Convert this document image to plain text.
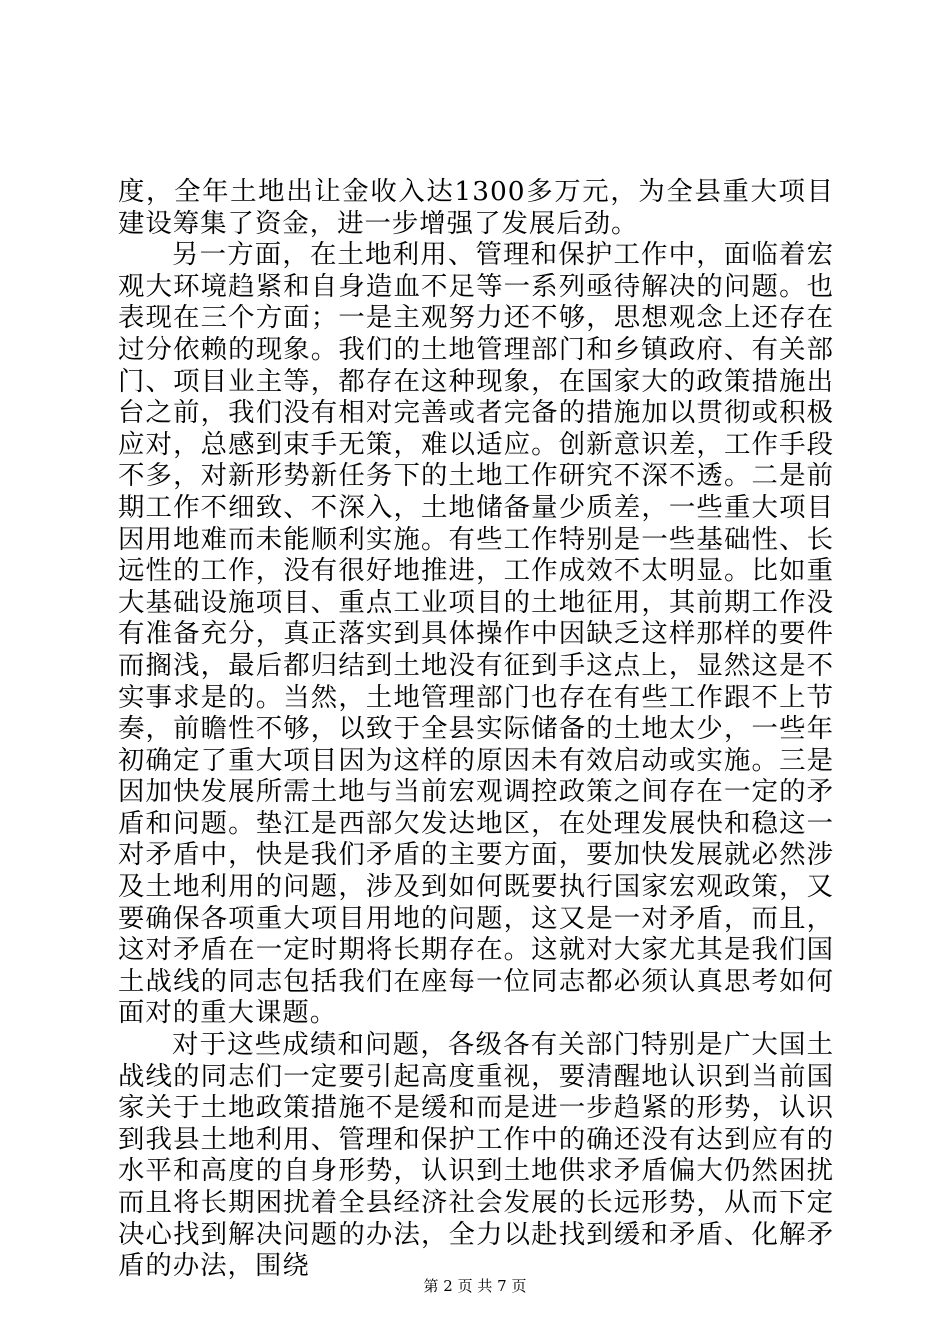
度，全年土地出让金收入达1300多万元，为全县重大项目建设筹集了资金，进一步增强了发展后劲。

另一方面，在土地利用、管理和保护工作中，面临着宏观大环境趋紧和自身造血不足等一系列亟待解决的问题。也表现在三个方面；一是主观努力还不够，思想观念上还存在过分依赖的现象。我们的土地管理部门和乡镇政府、有关部门、项目业主等，都存在这种现象，在国家大的政策措施出台之前，我们没有相对完善或者完备的措施加以贯彻或积极应对，总感到束手无策，难以适应。创新意识差，工作手段不多，对新形势新任务下的土地工作研究不深不透。二是前期工作不细致、不深入，土地储备量少质差，一些重大项目因用地难而未能顺利实施。有些工作特别是一些基础性、长远性的工作，没有很好地推进，工作成效不太明显。比如重大基础设施项目、重点工业项目的土地征用，其前期工作没有准备充分，真正落实到具体操作中因缺乏这样那样的要件而搁浅，最后都归结到土地没有征到手这点上，显然这是不实事求是的。当然，土地管理部门也存在有些工作跟不上节奏，前瞻性不够，以致于全县实际储备的土地太少，一些年初确定了重大项目因为这样的原因未有效启动或实施。三是因加快发展所需土地与当前宏观调控政策之间存在一定的矛盾和问题。垫江是西部欠发达地区，在处理发展快和稳这一对矛盾中，快是我们矛盾的主要方面，要加快发展就必然涉及土地利用的问题，涉及到如何既要执行国家宏观政策，又要确保各项重大项目用地的问题，这又是一对矛盾，而且，这对矛盾在一定时期将长期存在。这就对大家尤其是我们国土战线的同志包括我们在座每一位同志都必须认真思考如何面对的重大课题。

对于这些成绩和问题，各级各有关部门特别是广大国土战线的同志们一定要引起高度重视，要清醒地认识到当前国家关于土地政策措施不是缓和而是进一步趋紧的形势，认识到我县土地利用、管理和保护工作中的确还没有达到应有的水平和高度的自身形势，认识到土地供求矛盾偏大仍然困扰而且将长期困扰着全县经济社会发展的长远形势，从而下定决心找到解决问题的办法，全力以赴找到缓和矛盾、化解矛盾的办法，围绕

第 2 页 共 7 页
